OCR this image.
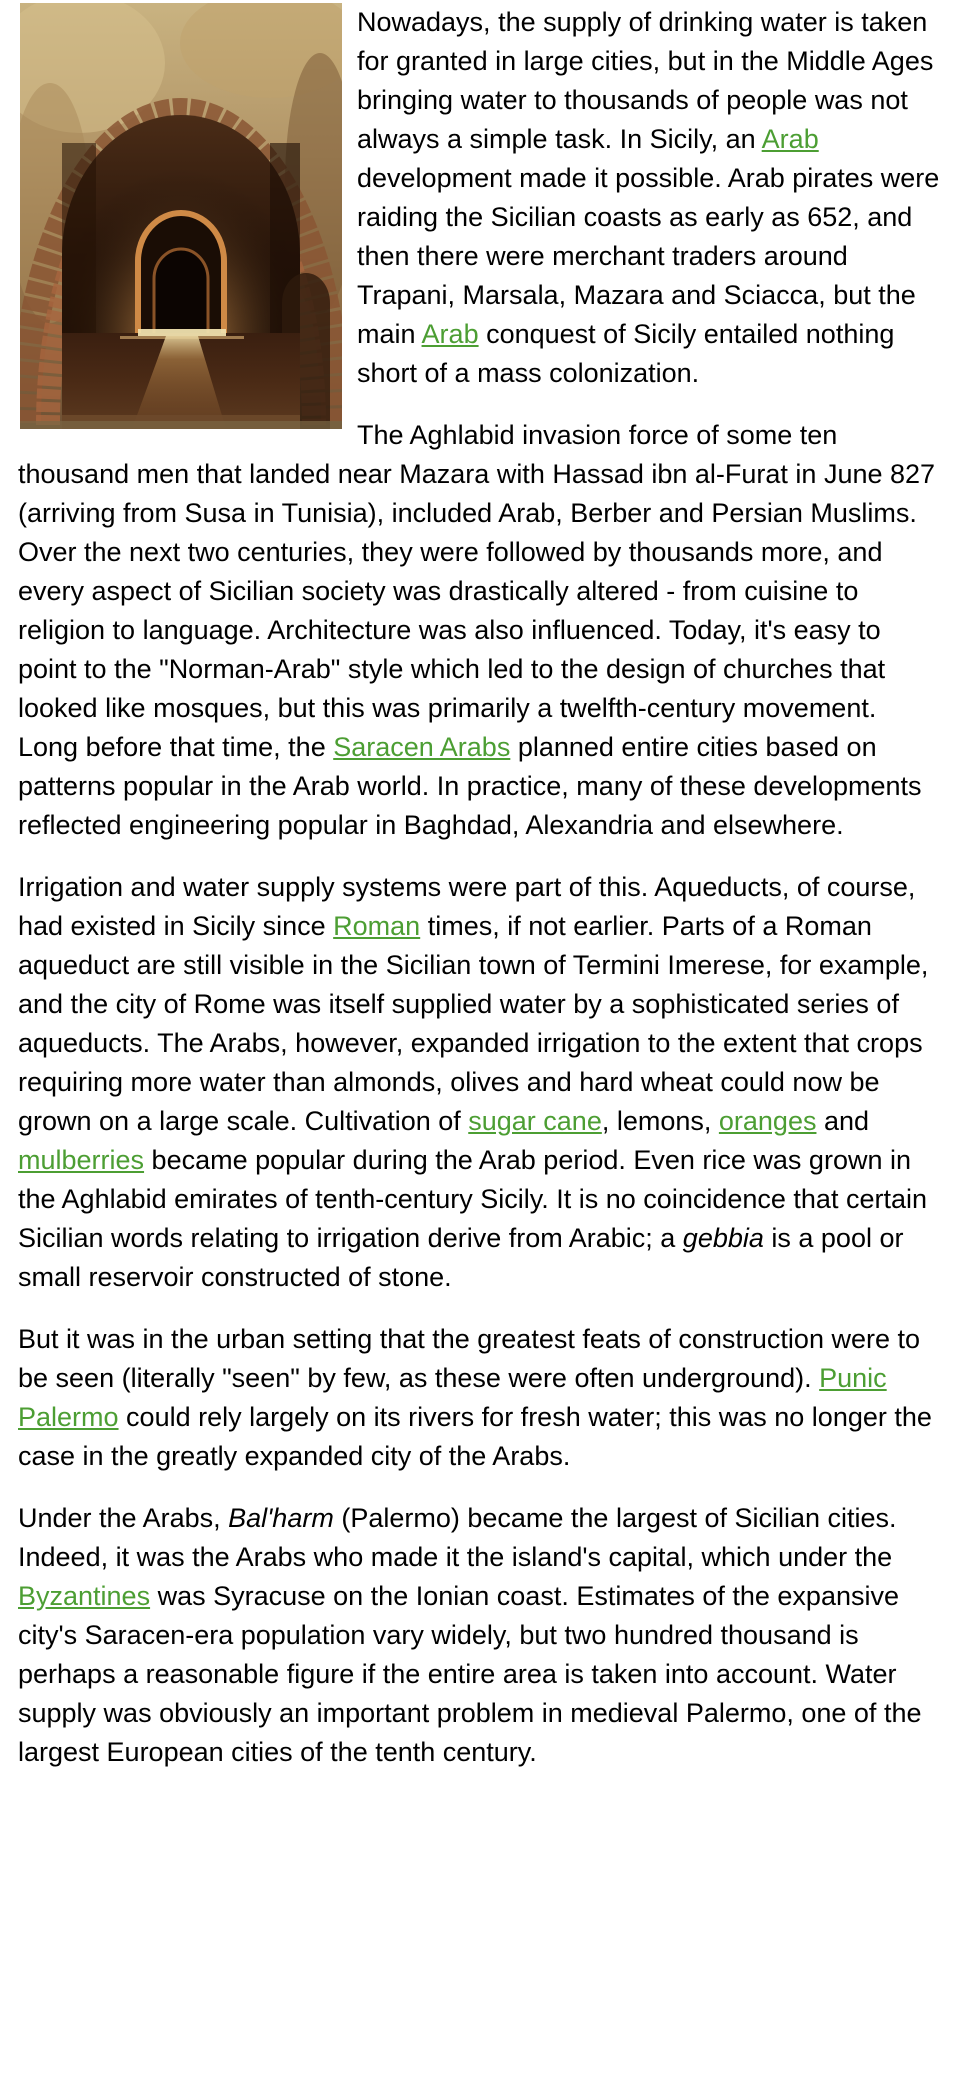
Nowadays, the supply of drinking water is taken for granted in large cities, but in the Middle Ages bringing water to thousands of people was not always a simple task. In Sicily, an Arab development made it possible. Arab pirates were raiding the Sicilian coasts as early as 652, and then there were merchant traders around Trapani, Marsala, Mazara and Sciacca, but the main Arab conquest of Sicily entailed nothing short of a mass colonization.

The Aghlabid invasion force of some ten thousand men that landed near Mazara with Hassad ibn al-Furat in June 827 (arriving from Susa in Tunisia), included Arab, Berber and Persian Muslims. Over the next two centuries, they were followed by thousands more, and every aspect of Sicilian society was drastically altered - from cuisine to religion to language. Architecture was also influenced. Today, it's easy to point to the "Norman-Arab" style which led to the design of churches that looked like mosques, but this was primarily a twelfth-century movement. Long before that time, the Saracen Arabs planned entire cities based on patterns popular in the Arab world. In practice, many of these developments reflected engineering popular in Baghdad, Alexandria and elsewhere.

Irrigation and water supply systems were part of this. Aqueducts, of course, had existed in Sicily since Roman times, if not earlier. Parts of a Roman aqueduct are still visible in the Sicilian town of Termini Imerese, for example, and the city of Rome was itself supplied water by a sophisticated series of aqueducts. The Arabs, however, expanded irrigation to the extent that crops requiring more water than almonds, olives and hard wheat could now be grown on a large scale. Cultivation of sugar cane, lemons, oranges and mulberries became popular during the Arab period. Even rice was grown in the Aghlabid emirates of tenth-century Sicily. It is no coincidence that certain Sicilian words relating to irrigation derive from Arabic; a gebbia is a pool or small reservoir constructed of stone.

But it was in the urban setting that the greatest feats of construction were to be seen (literally "seen" by few, as these were often underground). Punic Palermo could rely largely on its rivers for fresh water; this was no longer the case in the greatly expanded city of the Arabs.

Under the Arabs, Bal'harm (Palermo) became the largest of Sicilian cities. Indeed, it was the Arabs who made it the island's capital, which under the Byzantines was Syracuse on the Ionian coast. Estimates of the expansive city's Saracen-era population vary widely, but two hundred thousand is perhaps a reasonable figure if the entire area is taken into account. Water supply was obviously an important problem in medieval Palermo, one of the largest European cities of the tenth century.
